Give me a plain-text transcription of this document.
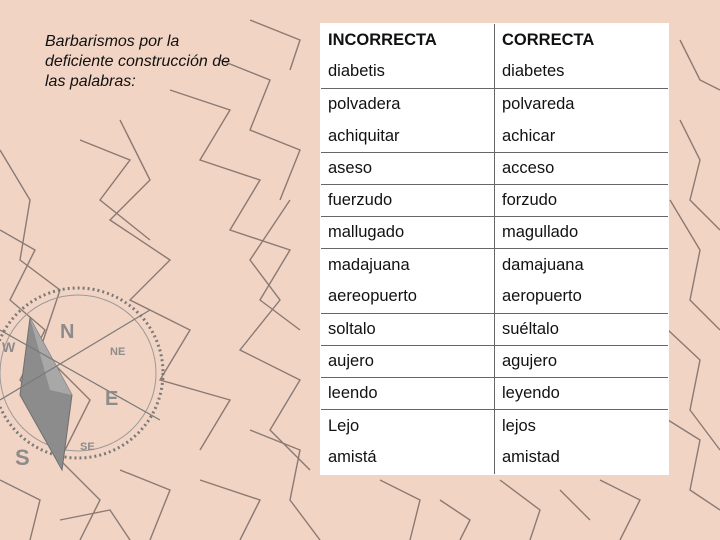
N
E
S
W	NE
SE
Barbarismos por la
deficiente construcción de
las palabras:
INCORRECTA	CORRECTA
diabetis	diabetes
polvadera	polvareda
achiquitar	achicar
aseso	acceso
fuerzudo	forzudo
mallugado	magullado
madajuana	damajuana
aereopuerto	aeropuerto
soltalo	suéltalo
aujero	agujero
leendo	leyendo
Lejo	lejos
amistá	amistad
